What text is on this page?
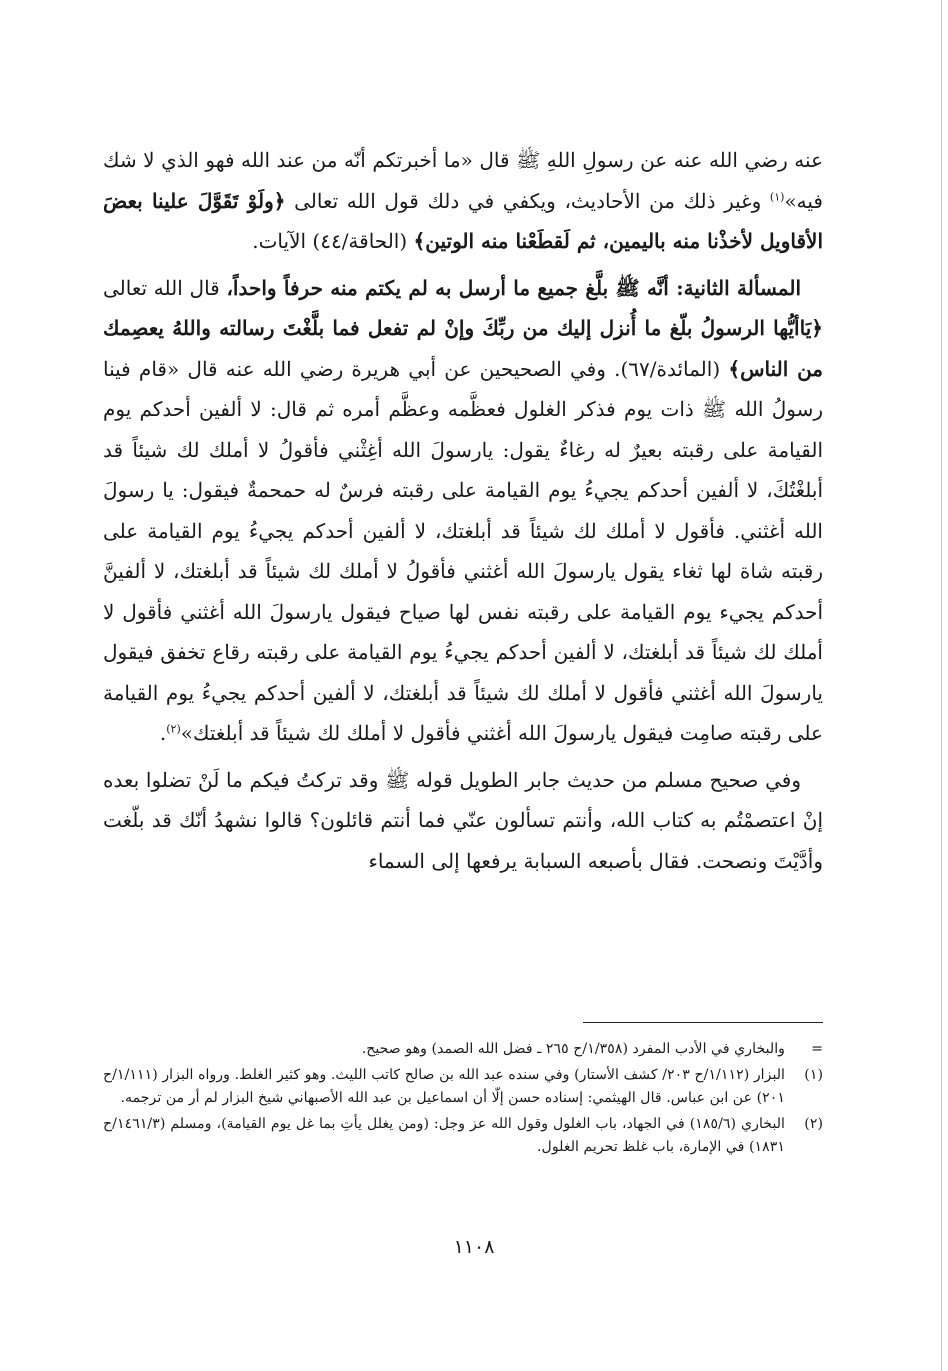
عنه رضي الله عنه عن رسولِ اللهِ ﷺ قال «ما أخبرتكم أنّه من عند الله فهو الذي لا شك فيه»$^{(١)}$ وغير ذلك من الأحاديث، ويكفي في دلك قول الله تعالى ﴿ولَوْ تَقَوَّلَ علينا بعضَ الأقاويل لأخذْنا منه باليمين، ثم لَقطَعْنا منه الوتين﴾ (الحاقة/٤٤) الآيات.

المسألة الثانية: أنَّه ﷺ بلَّغ جميع ما أرسل به لم يكتم منه حرفاً واحداً، قال الله تعالى ﴿يَاأيُّها الرسولُ بلّغ ما أُنزل إليك من ربِّكَ وإنْ لم تفعل فما بلَّغْتَ رسالته واللهُ يعصِمك من الناس﴾ (المائدة/٦٧). وفي الصحيحين عن أبي هريرة رضي الله عنه قال «قام فينا رسولُ الله ﷺ ذات يوم فذكر الغلول فعظَّمه وعظَّم أمره ثم قال: لا ألفين أحدكم يوم القيامة على رقبته بعيرٌ له رغاءٌ يقول: يارسولَ الله أغِثْني فأقولُ لا أملك لك شيئاً قد أبلغْتُكَ، لا ألفين أحدكم يجيءُ يوم القيامة على رقبته فرسٌ له حمحمةٌ فيقول: يا رسولَ الله أغثني. فأقول لا أملك لك شيئاً قد أبلغتك، لا ألفين أحدكم يجيءُ يوم القيامة على رقبته شاة لها ثغاء يقول يارسولَ الله أغثني فأقولُ لا أملك لك شيئاً قد أبلغتك، لا ألفينَّ أحدكم يجيء يوم القيامة على رقبته نفس لها صياح فيقول يارسولَ الله أغثني فأقول لا أملك لك شيئاً قد أبلغتك، لا ألفين أحدكم يجيءُ يوم القيامة على رقبته رقاع تخفق فيقول يارسولَ الله أغثني فأقول لا أملك لك شيئاً قد أبلغتك، لا ألفين أحدكم يجيءُ يوم القيامة على رقبته صامِت فيقول يارسولَ الله أغثني فأقول لا أملك لك شيئاً قد أبلغتك»$^{(٢)}$.

وفي صحيح مسلم من حديث جابر الطويل قوله ﷺ وقد تركتُ فيكم ما لَنْ تضلوا بعده إنْ اعتصمْتُم به كتاب الله، وأنتم تسألون عنّي فما أنتم قائلون؟ قالوا نشهدُ أنّك قد بلّغت وأدَّيْتَ ونصحت. فقال بأصبعه السبابة يرفعها إلى السماء

=
والبخاري في الأدب المفرد (١/٣٥٨/ح ٢٦٥ ـ فضل الله الصمد) وهو صحيح.
(١)
البزار (١/١١٢/ح ٢٠٣/ كشف الأستار) وفي سنده عبد الله بن صالح كاتب الليث. وهو كثير الغلط. ورواه البزار (١/١١١/ح ٢٠١) عن ابن عباس. قال الهيثمي: إسناده حسن إلّا أن اسماعيل بن عبد الله الأصبهاني شيخ البزار لم أر من ترجمه.
(٢)
البخاري (١٨٥/٦) في الجهاد، باب الغلول وقول الله عز وجل: (ومن يغلل يأتِ بما غل يوم القيامة)، ومسلم (١٤٦١/٣/ح ١٨٣١) في الإمارة، باب غلظ تحريم الغلول.
١١٠٨
